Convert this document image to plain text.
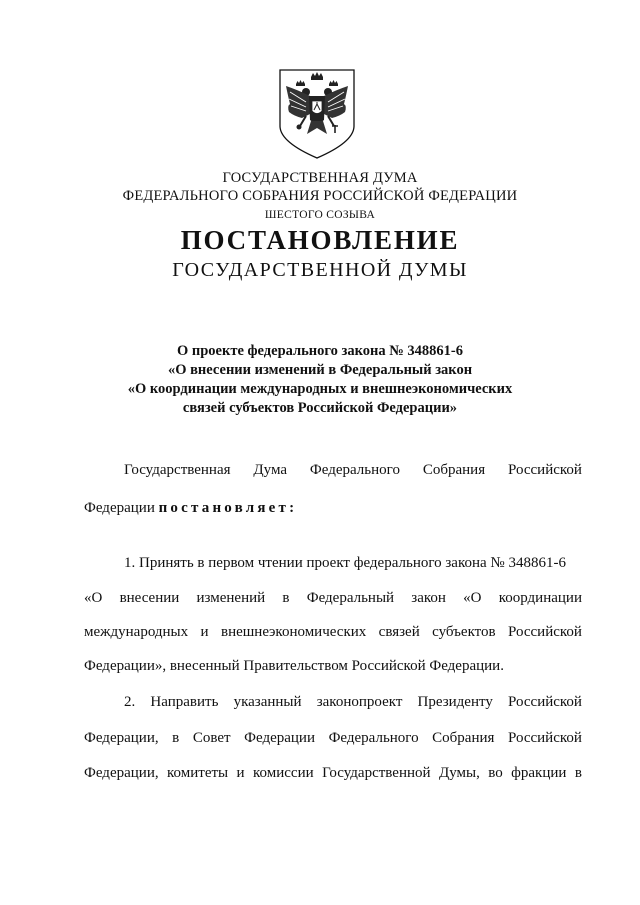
ГОСУДАРСТВЕННАЯ ДУМА
ФЕДЕРАЛЬНОГО СОБРАНИЯ РОССИЙСКОЙ ФЕДЕРАЦИИ
ШЕСТОГО СОЗЫВА
ПОСТАНОВЛЕНИЕ
ГОСУДАРСТВЕННОЙ ДУМЫ
О проекте федерального закона № 348861-6
«О внесении изменений в Федеральный закон
«О координации международных и внешнеэкономических
связей субъектов Российской Федерации»
Государственная Дума Федерального Собрания Российской
Федерации постановляет:
1. Принять в первом чтении проект федерального закона № 348861-6
«О внесении изменений в Федеральный закон «О координации
международных и внешнеэкономических связей субъектов Российской
Федерации», внесенный Правительством Российской Федерации.
2. Направить указанный законопроект Президенту Российской
Федерации, в Совет Федерации Федерального Собрания Российской
Федерации, комитеты и комиссии Государственной Думы, во фракции в
